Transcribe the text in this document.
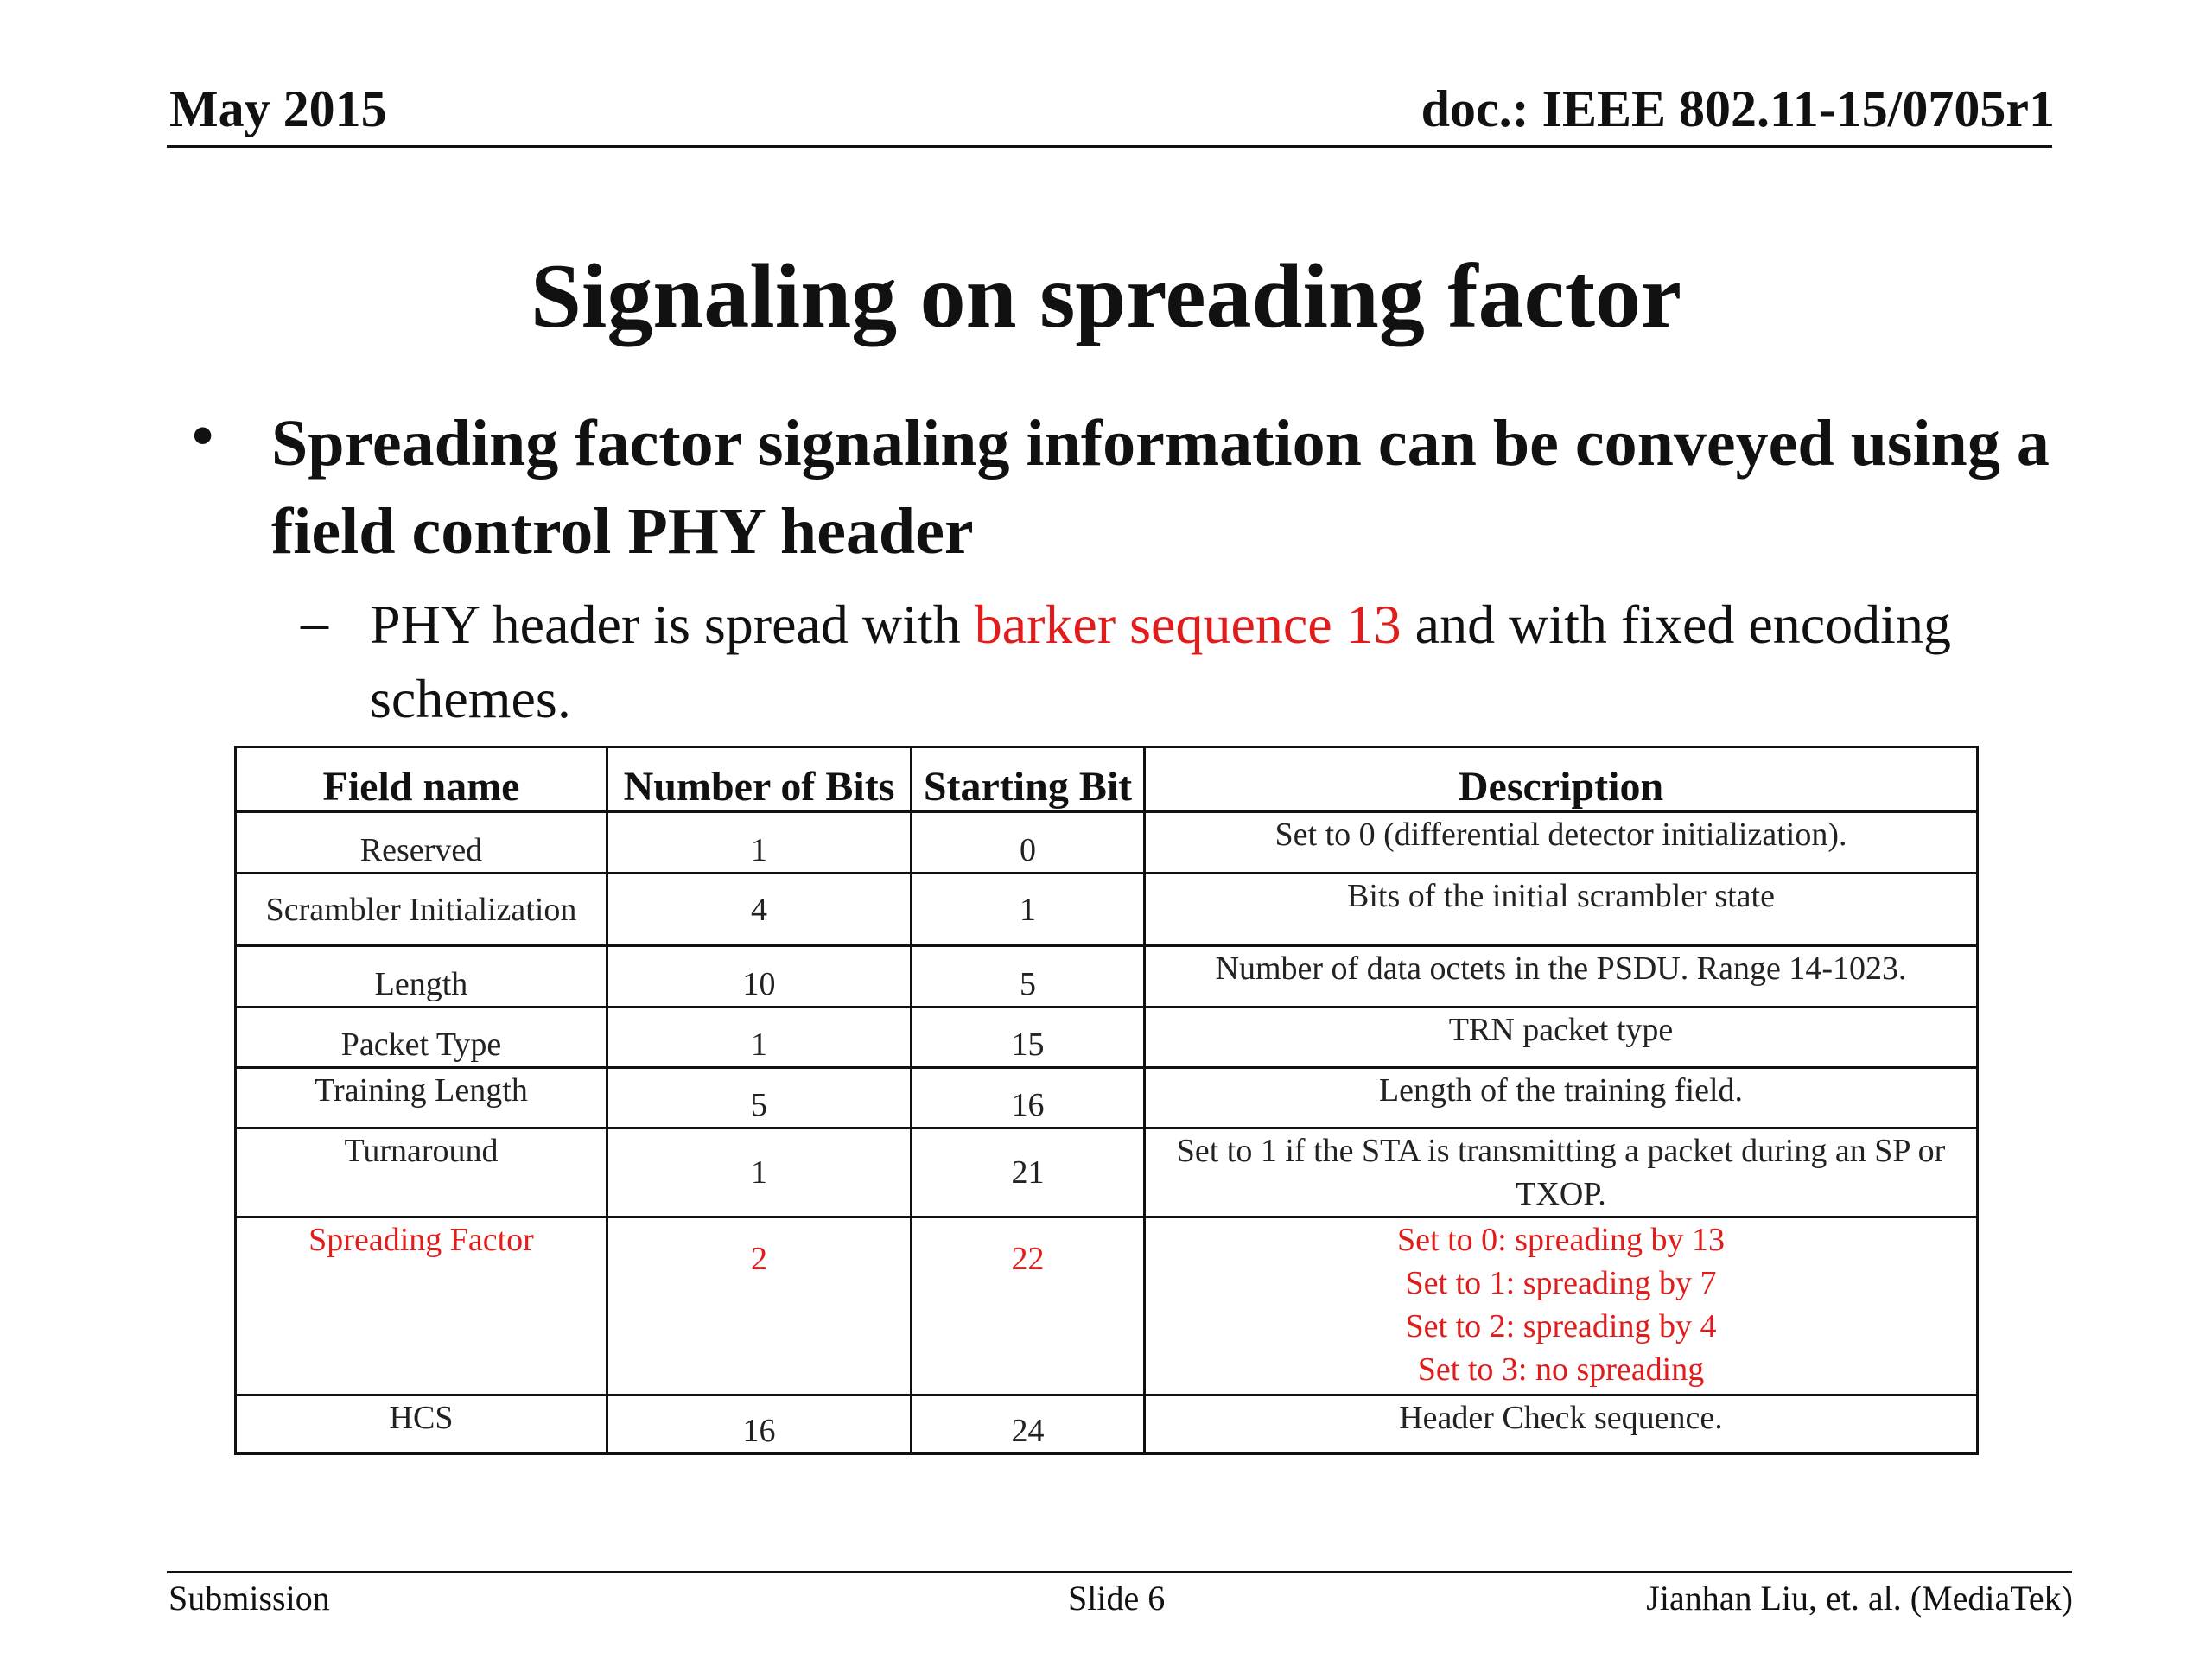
May 2015	doc.: IEEE 802.11-15/0705r1
Signaling on spreading factor
• Spreading factor signaling information can be conveyed using a field control PHY header
– PHY header is spread with barker sequence 13 and with fixed encoding schemes.
Field name	Number of Bits	Starting Bit	Description
Reserved	1	0	Set to 0 (differential detector initialization).
Scrambler Initialization	4	1	Bits of the initial scrambler state
Length	10	5	Number of data octets in the PSDU. Range 14-1023.
Packet Type	1	15	TRN packet type
Training Length	5	16	Length of the training field.
Turnaround	1	21	Set to 1 if the STA is transmitting a packet during an SP or TXOP.
Spreading Factor	2	22	Set to 0: spreading by 13
Set to 1: spreading by 7
Set to 2: spreading by 4
Set to 3: no spreading

HCS	16	24	Header Check sequence.
Submission	Slide 6	Jianhan Liu, et. al. (MediaTek)
